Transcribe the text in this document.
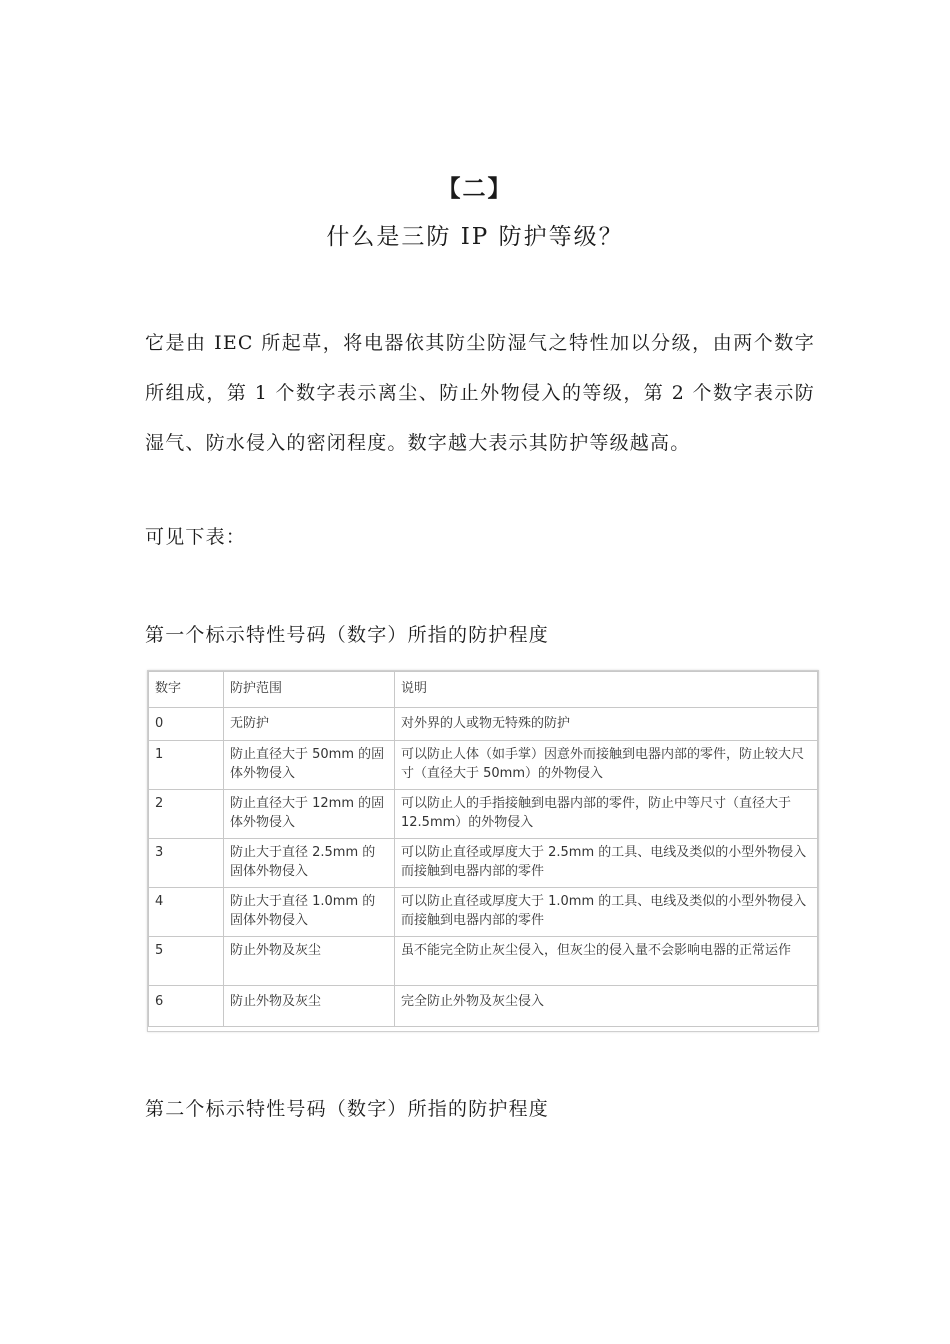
【二】
什么是三防 IP 防护等级？

它是由 IEC 所起草，将电器依其防尘防湿气之特性加以分级，由两个数字所组成，第 1 个数字表示离尘、防止外物侵入的等级，第 2 个数字表示防湿气、防水侵入的密闭程度。数字越大表示其防护等级越高。

可见下表：

第一个标示特性号码（数字）所指的防护程度

数字	防护范围	说明
0	无防护	对外界的人或物无特殊的防护
1	防止直径大于 50mm 的固体外物侵入	可以防止人体（如手掌）因意外而接触到电器内部的零件，防止较大尺寸（直径大于 50mm）的外物侵入
2	防止直径大于 12mm 的固体外物侵入	可以防止人的手指接触到电器内部的零件，防止中等尺寸（直径大于 12.5mm）的外物侵入
3	防止大于直径 2.5mm 的固体外物侵入	可以防止直径或厚度大于 2.5mm 的工具、电线及类似的小型外物侵入而接触到电器内部的零件
4	防止大于直径 1.0mm 的固体外物侵入	可以防止直径或厚度大于 1.0mm 的工具、电线及类似的小型外物侵入而接触到电器内部的零件
5	防止外物及灰尘	虽不能完全防止灰尘侵入，但灰尘的侵入量不会影响电器的正常运作
6	防止外物及灰尘	完全防止外物及灰尘侵入

第二个标示特性号码（数字）所指的防护程度
